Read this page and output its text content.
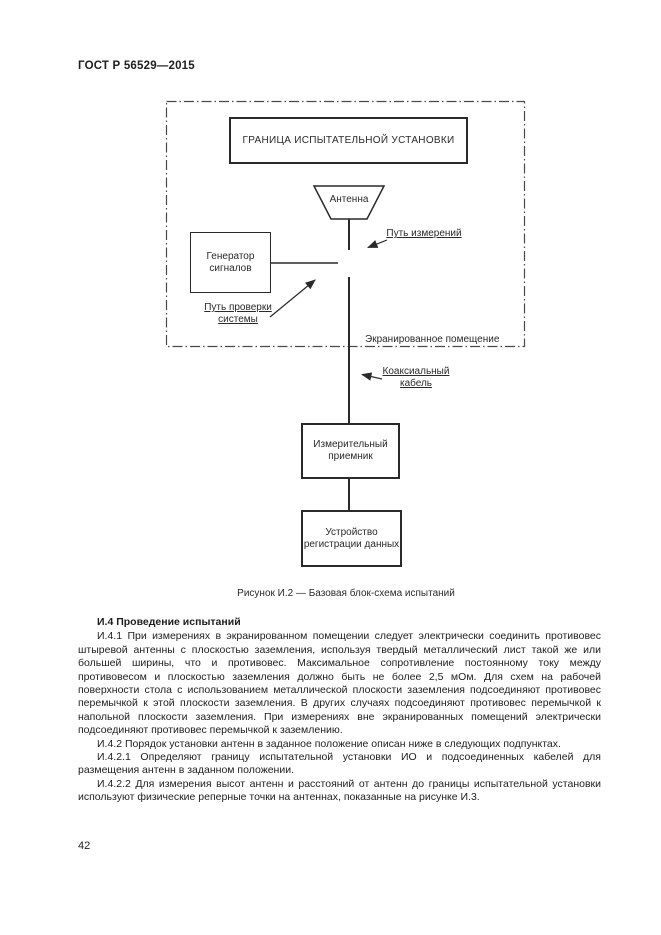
ГОСТ Р 56529—2015
ГРАНИЦА ИСПЫТАТЕЛЬНОЙ УСТАНОВКИ
Генератор сигналов
Измерительный приемник
Устройство регистрации данных
Антенна
Путь измерений
Путь проверки системы
Экранированное помещение
Коаксиальный кабель
Рисунок И.2 — Базовая блок-схема испытаний

И.4 Проведение испытаний

И.4.1 При измерениях в экранированном помещении следует электрически соединить противовес штыревой антенны с плоскостью заземления, используя твердый металлический лист такой же или большей ширины, что и противовес. Максимальное сопротивление постоянному току между противовесом и плоскостью заземления должно быть не более 2,5 мОм. Для схем на рабочей поверхности стола с использованием металлической плоскости заземления подсоединяют противовес перемычкой к этой плоскости заземления. В других случаях подсоединяют противовес перемычкой к напольной плоскости заземления. При измерениях вне экранированных помещений электрически подсоединяют противовес перемычкой к заземлению.

И.4.2 Порядок установки антенн в заданное положение описан ниже в следующих подпунктах.

И.4.2.1 Определяют границу испытательной установки ИО и подсоединенных кабелей для размещения антенн в заданном положении.

И.4.2.2 Для измерения высот антенн и расстояний от антенн до границы испытательной установки используют физические реперные точки на антеннах, показанные на рисунке И.3.

42
